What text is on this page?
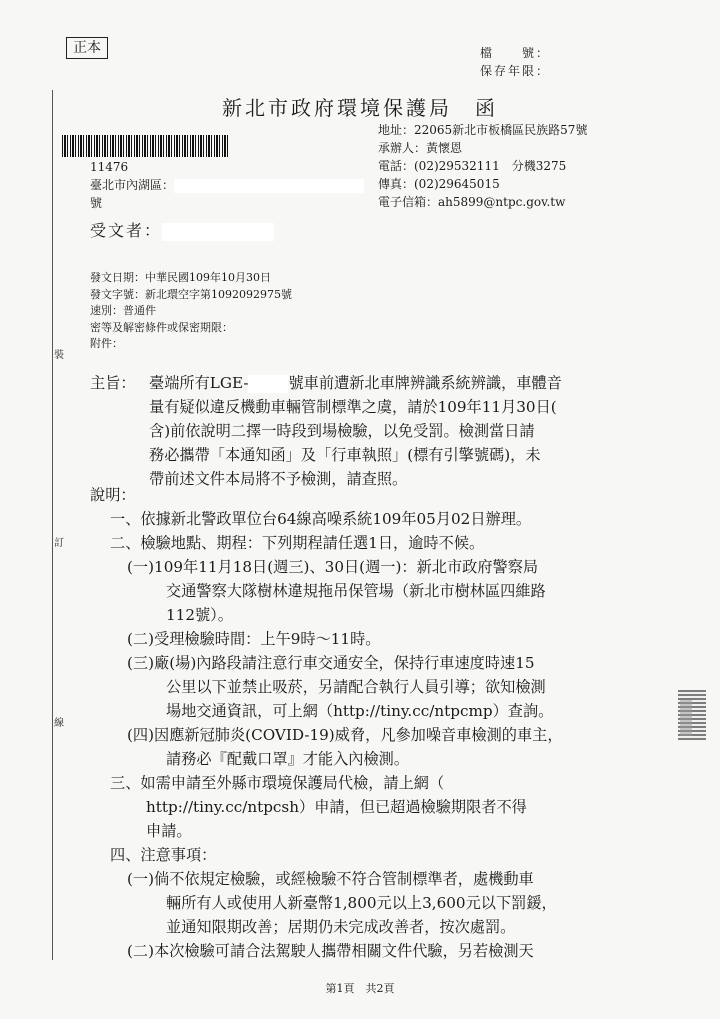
正本	檔　　號：
保存年限：
新北市政府環境保護局　函
11476
臺北市內湖區：
號
地址：22065新北市板橋區民族路57號
承辦人：黃懷恩
電話：(02)29532111　分機3275
傳真：(02)29645015
電子信箱：ah5899@ntpc.gov.tw
受文者：
發文日期：中華民國109年10月30日
發文字號：新北環空字第1092092975號
速別：普通件
密等及解密條件或保密期限：
附件：
裝
訂
線
主旨： 臺端所有LGE-	號車前遭新北車牌辨識系統辨識，車體音
量有疑似違反機動車輛管制標準之虞，請於109年11月30日(
含)前依說明二擇一時段到場檢驗，以免受罰。檢測當日請
務必攜帶「本通知函」及「行車執照」(標有引擎號碼)，未
帶前述文件本局將不予檢測，請查照。
說明：
一、依據新北警政單位台64線高噪系統109年05月02日辦理。
二、檢驗地點、期程：下列期程請任選1日，逾時不候。
(一)109年11月18日(週三)、30日(週一)：新北市政府警察局
交通警察大隊樹林違規拖吊保管場（新北市樹林區四維路
112號）。
(二)受理檢驗時間：上午9時～11時。
(三)廠(場)內路段請注意行車交通安全，保持行車速度時速15
公里以下並禁止吸菸，另請配合執行人員引導；欲知檢測
場地交通資訊，可上網（http://tiny.cc/ntpcmp）查詢。
(四)因應新冠肺炎(COVID-19)威脅，凡參加噪音車檢測的車主，
請務必『配戴口罩』才能入內檢測。
三、如需申請至外縣市環境保護局代檢，請上網（
http://tiny.cc/ntpcsh）申請，但已超過檢驗期限者不得
申請。
四、注意事項：
(一)倘不依規定檢驗，或經檢驗不符合管制標準者，處機動車
輛所有人或使用人新臺幣1,800元以上3,600元以下罰鍰，
並通知限期改善；居期仍未完成改善者，按次處罰。
(二)本次檢驗可請合法駕駛人攜帶相關文件代驗，另若檢測天
第1頁　共2頁
